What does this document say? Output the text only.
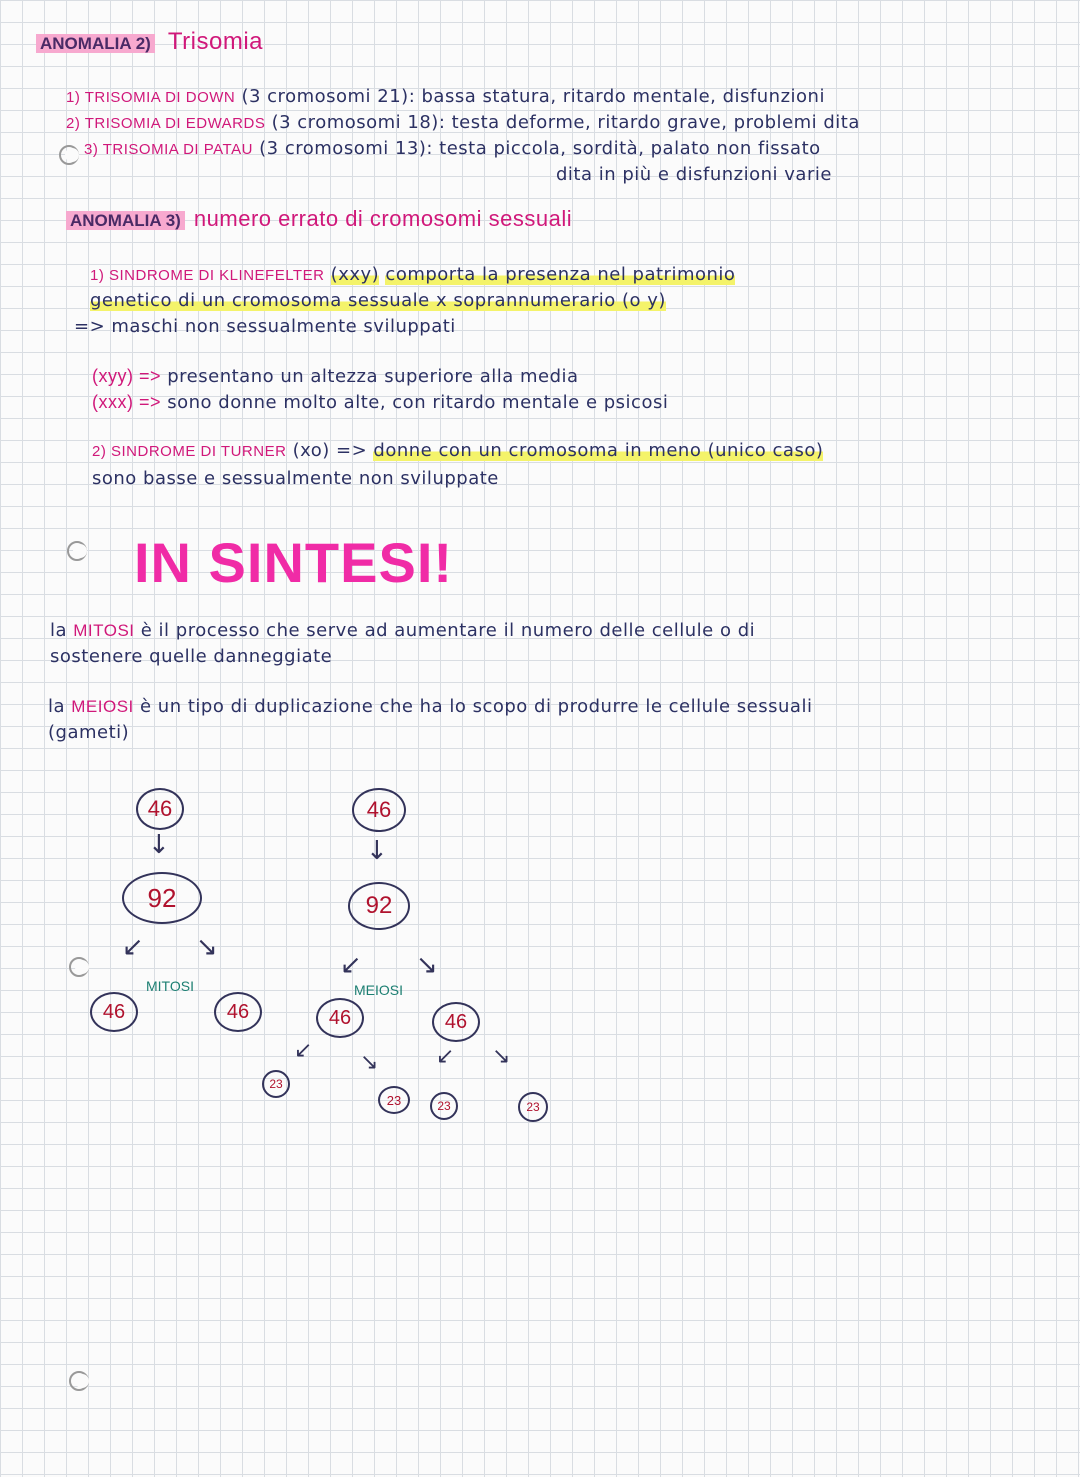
ANOMALIA 2) Trisomia
1) TRISOMIA DI DOWN (3 cromosomi 21): bassa statura, ritardo mentale, disfunzioni
2) TRISOMIA DI EDWARDS (3 cromosomi 18): testa deforme, ritardo grave, problemi dita
3) TRISOMIA DI PATAU (3 cromosomi 13): testa piccola, sordità, palato non fissato
dita in più e disfunzioni varie
ANOMALIA 3) numero errato di cromosomi sessuali
1) SINDROME DI KLINEFELTER (xxy) comporta la presenza nel patrimonio
genetico di un cromosoma sessuale x soprannumerario (o y)
=> maschi non sessualmente sviluppati
(xyy) => presentano un altezza superiore alla media
(xxx) => sono donne molto alte, con ritardo mentale e psicosi
2) SINDROME DI TURNER (xo) => donne con un cromosoma in meno (unico caso)
sono basse e sessualmente non sviluppate
IN SINTESI!
la MITOSI è il processo che serve ad aumentare il numero delle cellule o di
sostenere quelle danneggiate
la MEIOSI è un tipo di duplicazione che ha lo scopo di produrre le cellule sessuali
(gameti)
46
↓
92
↙ ↘
MITOSI
46	46
46
↓
92
↙ ↘
MEIOSI
46	46
↙ ↘	↙ ↘
23
23	23	23
